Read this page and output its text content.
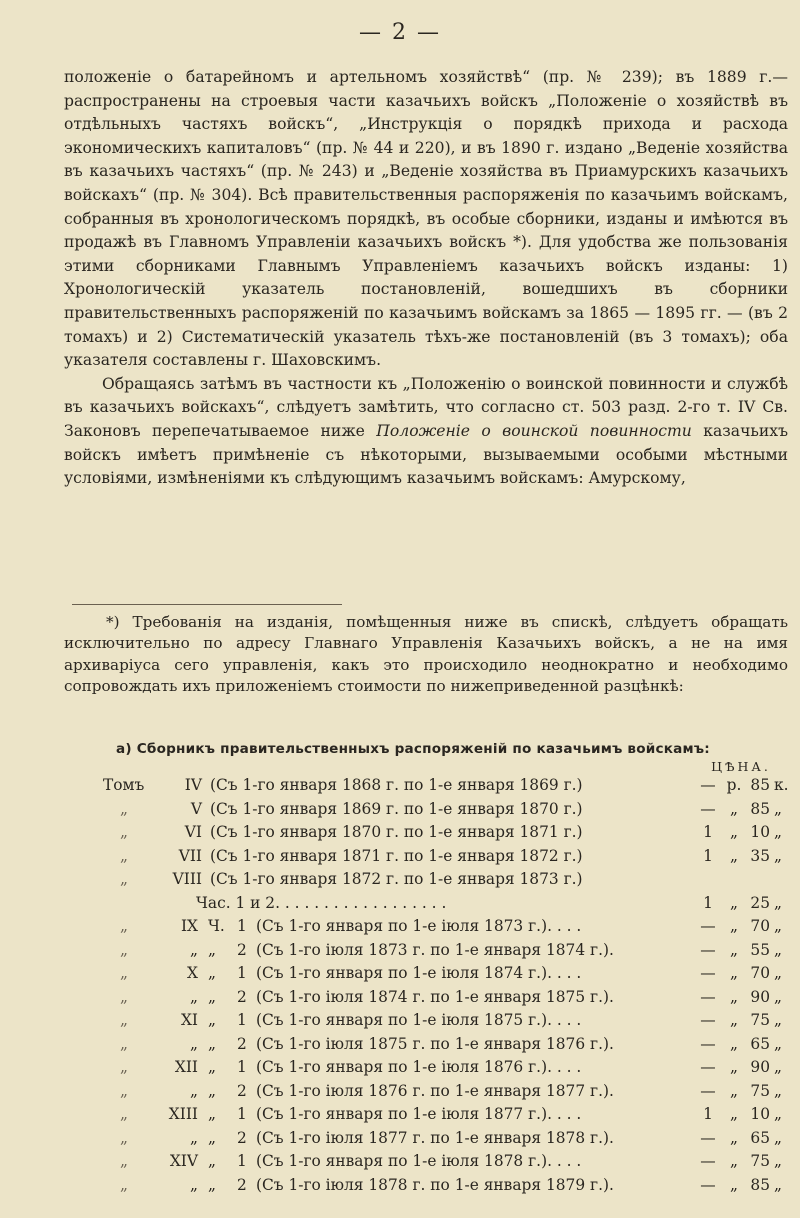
— 2 —

положеніе о батарейномъ и артельномъ хозяйствѣ“ (пр. № 239); въ 1889 г.—распространены на строевыя части казачьихъ войскъ „Положеніе о хозяйствѣ въ отдѣльныхъ частяхъ войскъ“, „Инструкція о порядкѣ прихода и расхода экономическихъ капиталовъ“ (пр. № 44 и 220), и въ 1890 г. издано „Веденіе хозяйства въ казачьихъ частяхъ“ (пр. № 243) и „Веденіе хозяйства въ Приамурскихъ казачьихъ войскахъ“ (пр. № 304). Всѣ правительственныя распоряженія по казачьимъ войскамъ, собранныя въ хронологическомъ порядкѣ, въ особые сборники, изданы и имѣются въ продажѣ въ Главномъ Управленіи казачьихъ войскъ *). Для удобства же пользованія этими сборниками Главнымъ Управленіемъ казачьихъ войскъ изданы: 1) Хронологическій указатель постановленій, вошедшихъ въ сборники правительственныхъ распоряженій по казачьимъ войскамъ за 1865 — 1895 гг. — (въ 2 томахъ) и 2) Систематическій указатель тѣхъ-же постановленій (въ 3 томахъ); оба указателя составлены г. Шаховскимъ.

Обращаясь затѣмъ въ частности къ „Положенію о воинской повинности и службѣ въ казачьихъ войскахъ“, слѣдуетъ замѣтить, что согласно ст. 503 разд. 2-го т. IV Св. Законовъ перепечатываемое ниже Положеніе о воинской повинности казачьихъ войскъ имѣетъ примѣненіе съ нѣкоторыми, вызываемыми особыми мѣстными условіями, измѣненіями къ слѣдующимъ казачьимъ войскамъ: Амурскому,

*) Требованія на изданія, помѣщенныя ниже въ спискѣ, слѣдуетъ обращать исключительно по адресу Главнаго Управленія Казачьихъ войскъ, а не на имя архиваріуса сего управленія, какъ это происходило неоднократно и необходимо сопровождать ихъ приложеніемъ стоимости по нижеприведенной разцѣнкѣ:

а) Сборникъ правительственныхъ распоряженій по казачьимъ войскамъ:
ЦѢНА.
Томъ	IV (Съ 1-го января 1868 г. по 1-е января 1869 г.)	— р. 85 к.
„	V (Съ 1-го января 1869 г. по 1-е января 1870 г.)	— „ 85 „
„	VI (Съ 1-го января 1870 г. по 1-е января 1871 г.)	1	„ 10 „
„	VII (Съ 1-го января 1871 г. по 1-е января 1872 г.)	1	„ 35 „
„	VIII (Съ 1-го января 1872 г. по 1-е января 1873 г.)
Час. 1 и 2. . . . . . . . . . . . . . . . . .	1	„ 25 „
„	IX Ч. 1 (Съ 1-го января по 1-е іюля 1873 г.). . . .	— „ 70 „
„	„ „ 2 (Съ 1-го іюля 1873 г. по 1-е января 1874 г.).	— „ 55 „
„	X „ 1 (Съ 1-го января по 1-е іюля 1874 г.). . . .	— „ 70 „
„	„ „ 2 (Съ 1-го іюля 1874 г. по 1-е января 1875 г.).	— „ 90 „
„	XI „ 1 (Съ 1-го января по 1-е іюля 1875 г.). . . .	— „ 75 „
„	„ „ 2 (Съ 1-го іюля 1875 г. по 1-е января 1876 г.).	— „ 65 „
„	XII „ 1 (Съ 1-го января по 1-е іюля 1876 г.). . . .	— „ 90 „
„	„ „ 2 (Съ 1-го іюля 1876 г. по 1-е января 1877 г.).	— „ 75 „
„	XIII „ 1 (Съ 1-го января по 1-е іюля 1877 г.). . . .	1	„ 10 „
„	„ „ 2 (Съ 1-го іюля 1877 г. по 1-е января 1878 г.).	— „ 65 „
„	XIV „ 1 (Съ 1-го января по 1-е іюля 1878 г.). . . .	— „ 75 „
„	„ „ 2 (Съ 1-го іюля 1878 г. по 1-е января 1879 г.).	— „ 85 „
